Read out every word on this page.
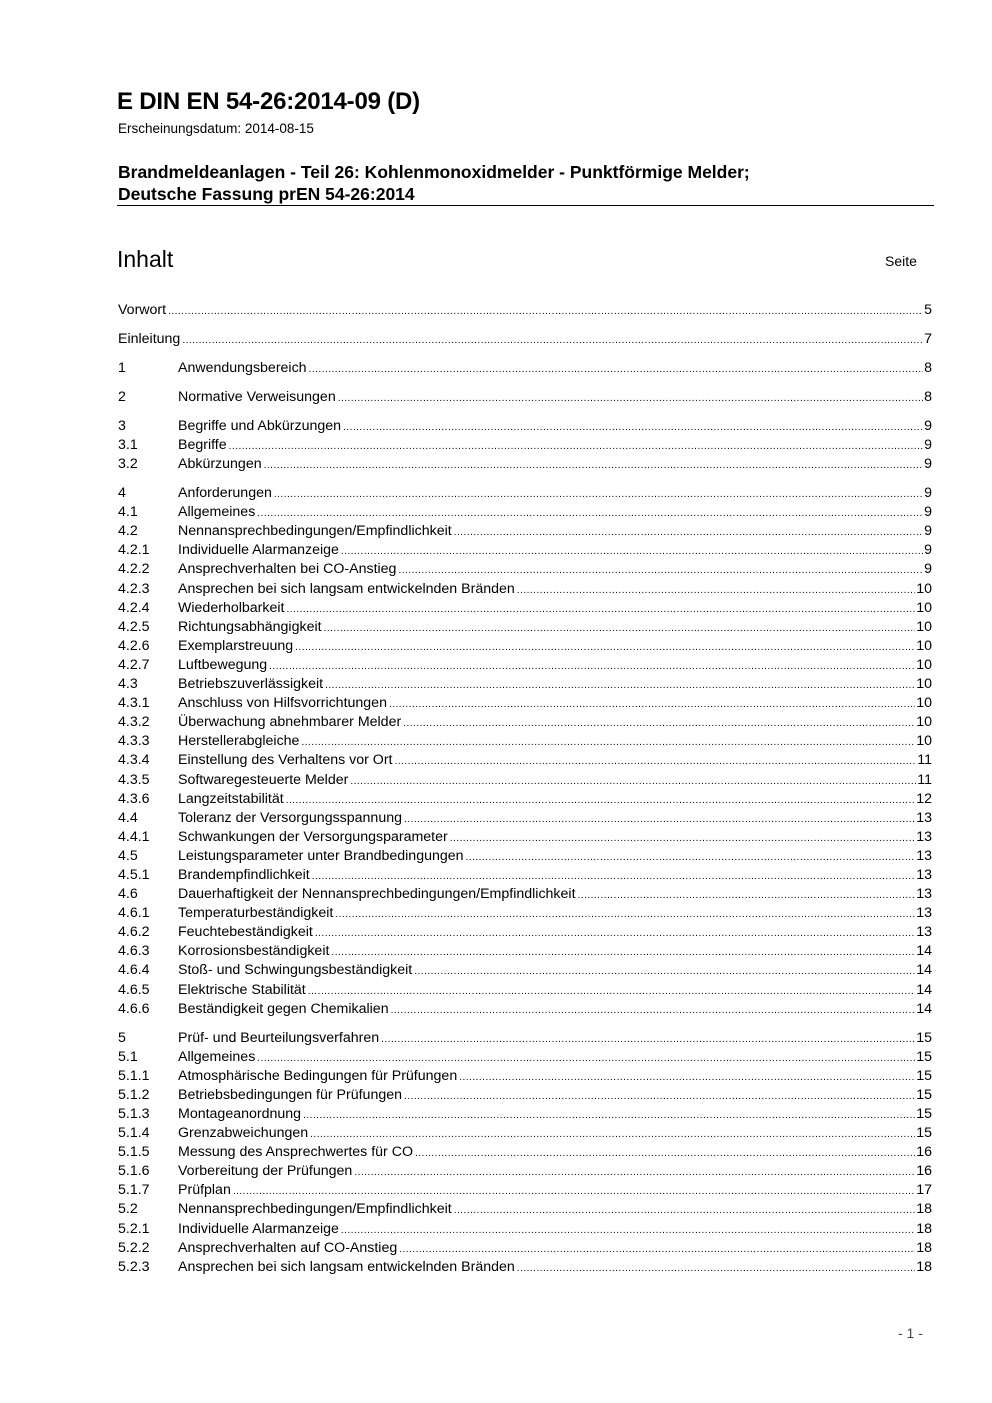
E DIN EN 54-26:2014-09 (D)
Erscheinungsdatum: 2014-08-15
Brandmeldeanlagen - Teil 26: Kohlenmonoxidmelder - Punktförmige Melder;
Deutsche Fassung prEN 54-26:2014
Inhalt	Seite
Vorwort .....	5
Einleitung .....	7
1	Anwendungsbereich .....	8
2	Normative Verweisungen .....	8
3	Begriffe und Abkürzungen .....	9
3.1	Begriffe .....	9
3.2	Abkürzungen .....	9
4	Anforderungen .....	9
4.1	Allgemeines .....	9
4.2	Nennansprechbedingungen/Empfindlichkeit .....	9
4.2.1	Individuelle Alarmanzeige .....	9
4.2.2	Ansprechverhalten bei CO-Anstieg .....	9
4.2.3	Ansprechen bei sich langsam entwickelnden Bränden .....	10
4.2.4	Wiederholbarkeit .....	10
4.2.5	Richtungsabhängigkeit .....	10
4.2.6	Exemplarstreuung .....	10
4.2.7	Luftbewegung .....	10
4.3	Betriebszuverlässigkeit .....	10
4.3.1	Anschluss von Hilfsvorrichtungen .....	10
4.3.2	Überwachung abnehmbarer Melder .....	10
4.3.3	Herstellerabgleiche .....	10
4.3.4	Einstellung des Verhaltens vor Ort .....	11
4.3.5	Softwaregesteuerte Melder .....	11
4.3.6	Langzeitstabilität .....	12
4.4	Toleranz der Versorgungsspannung .....	13
4.4.1	Schwankungen der Versorgungsparameter .....	13
4.5	Leistungsparameter unter Brandbedingungen .....	13
4.5.1	Brandempfindlichkeit .....	13
4.6	Dauerhaftigkeit der Nennansprechbedingungen/Empfindlichkeit .....	13
4.6.1	Temperaturbeständigkeit .....	13
4.6.2	Feuchtebeständigkeit .....	13
4.6.3	Korrosionsbeständigkeit .....	14
4.6.4	Stoß- und Schwingungsbeständigkeit .....	14
4.6.5	Elektrische Stabilität .....	14
4.6.6	Beständigkeit gegen Chemikalien .....	14
5	Prüf- und Beurteilungsverfahren .....	15
5.1	Allgemeines .....	15
5.1.1	Atmosphärische Bedingungen für Prüfungen .....	15
5.1.2	Betriebsbedingungen für Prüfungen .....	15
5.1.3	Montageanordnung .....	15
5.1.4	Grenzabweichungen .....	15
5.1.5	Messung des Ansprechwertes für CO .....	16
5.1.6	Vorbereitung der Prüfungen .....	16
5.1.7	Prüfplan .....	17
5.2	Nennansprechbedingungen/Empfindlichkeit .....	18
5.2.1	Individuelle Alarmanzeige .....	18
5.2.2	Ansprechverhalten auf CO-Anstieg .....	18
5.2.3	Ansprechen bei sich langsam entwickelnden Bränden .....	18
- 1 -
